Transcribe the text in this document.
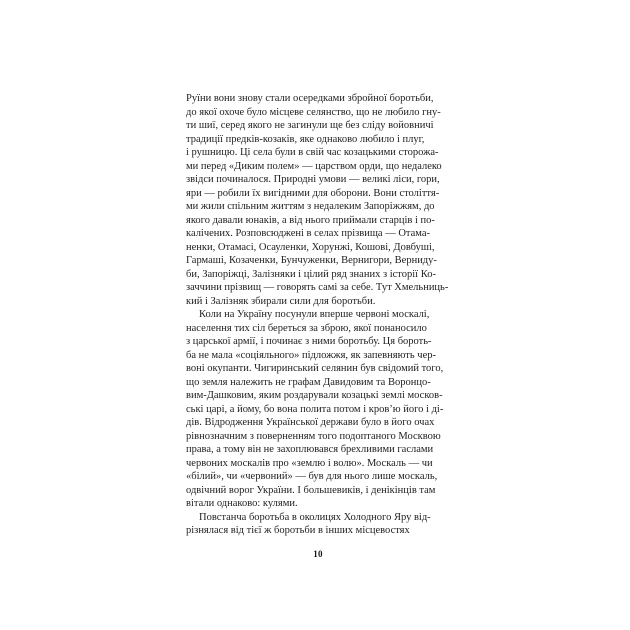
Руїни вони знову стали осередками збройної боротьби,
до якої охоче було місцеве селянство, що не любило гну-
ти шиї, серед якого не загинули ще без сліду войовничі
традиції предків-козаків, яке однаково любило і плуг,
і рушницю. Ці села були в свій час козацькими сторожа-
ми перед «Диким полем» — царством орди, що недалеко
звідси починалося. Природні умови — великі ліси, гори,
яри — робили їх вигідними для оборони. Вони століття-
ми жили спільним життям з недалеким Запоріжжям, до
якого давали юнаків, а від нього приймали старців і по-
калічених. Розповсюджені в селах прізвища — Отама-
ненки, Отамасі, Осауленки, Хорунжі, Кошові, Довбуші,
Гармаші, Козаченки, Бунчуженки, Вернигори, Верниду-
би, Запоріжці, Залізняки і цілий ряд знаних з історії Ко-
заччини прізвищ — говорять самі за себе. Тут Хмельниць-
кий і Залізняк збирали сили для боротьби.
Коли на Україну посунули вперше червоні москалі,
населення тих сіл береться за зброю, якої понаносило
з царської армії, і починає з ними боротьбу. Ця бороть-
ба не мала «соціяльного» підложжя, як запевняють чер-
воні окупанти. Чигиринський селянин був свідомий того,
що земля належить не графам Давидовим та Воронцо-
вим-Дашковим, яким роздарували козацькі землі москов-
ські царі, а йому, бо вона полита потом і кров’ю його і ді-
дів. Відродження Української держави було в його очах
рівнозначним з поверненням того подоптаного Москвою
права, а тому він не захоплювався брехливими гаслами
червоних москалів про «землю і волю». Москаль — чи
«білий», чи «червоний» — був для нього лише москаль,
одвічний ворог України. І большевиків, і денікінців там
вітали однаково: кулями.
Повстанча боротьба в околицях Холодного Яру від-
різнялася від тієї ж боротьби в інших місцевостях
10
